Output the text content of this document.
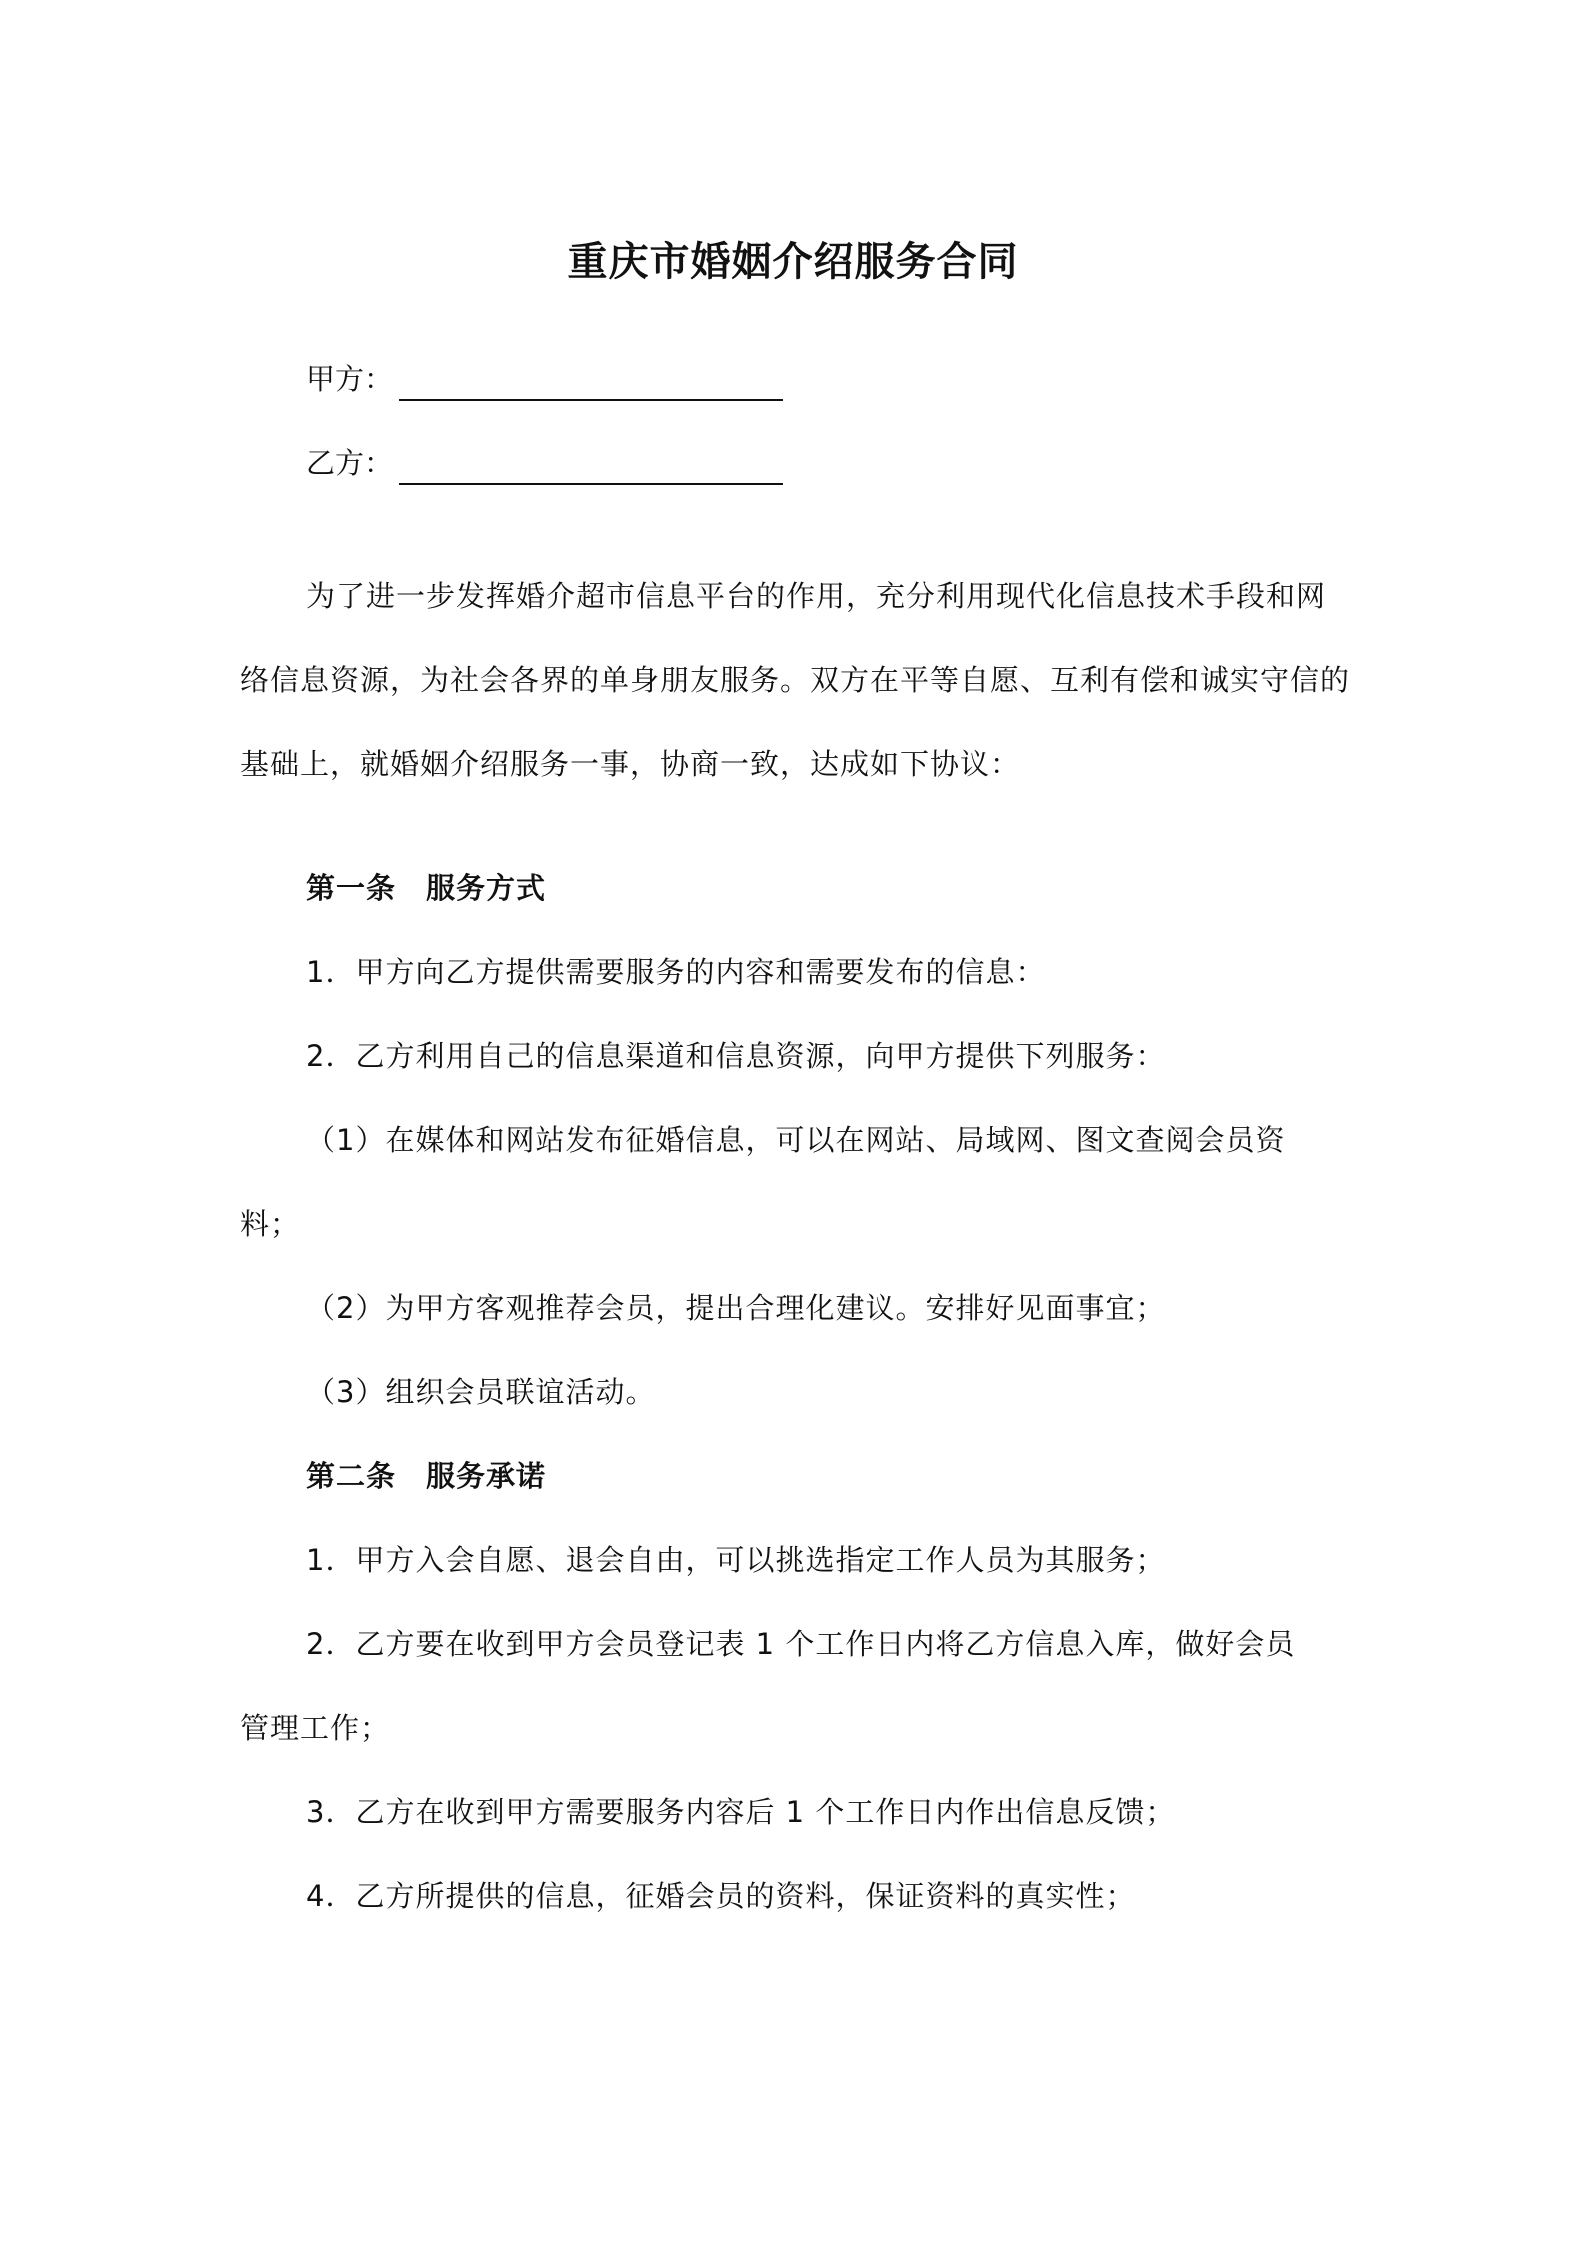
重庆市婚姻介绍服务合同
甲方：
乙方：
为了进一步发挥婚介超市信息平台的作用，充分利用现代化信息技术手段和网络信息资源，为社会各界的单身朋友服务。双方在平等自愿、互利有偿和诚实守信的基础上，就婚姻介绍服务一事，协商一致，达成如下协议：
第一条 服务方式
1．甲方向乙方提供需要服务的内容和需要发布的信息：
2．乙方利用自己的信息渠道和信息资源，向甲方提供下列服务：
（1）在媒体和网站发布征婚信息，可以在网站、局域网、图文查阅会员资
料；
（2）为甲方客观推荐会员，提出合理化建议。安排好见面事宜；
（3）组织会员联谊活动。
第二条 服务承诺
1．甲方入会自愿、退会自由，可以挑选指定工作人员为其服务；
2．乙方要在收到甲方会员登记表 1 个工作日内将乙方信息入库，做好会员
管理工作；
3．乙方在收到甲方需要服务内容后 1 个工作日内作出信息反馈；
4．乙方所提供的信息，征婚会员的资料，保证资料的真实性；
